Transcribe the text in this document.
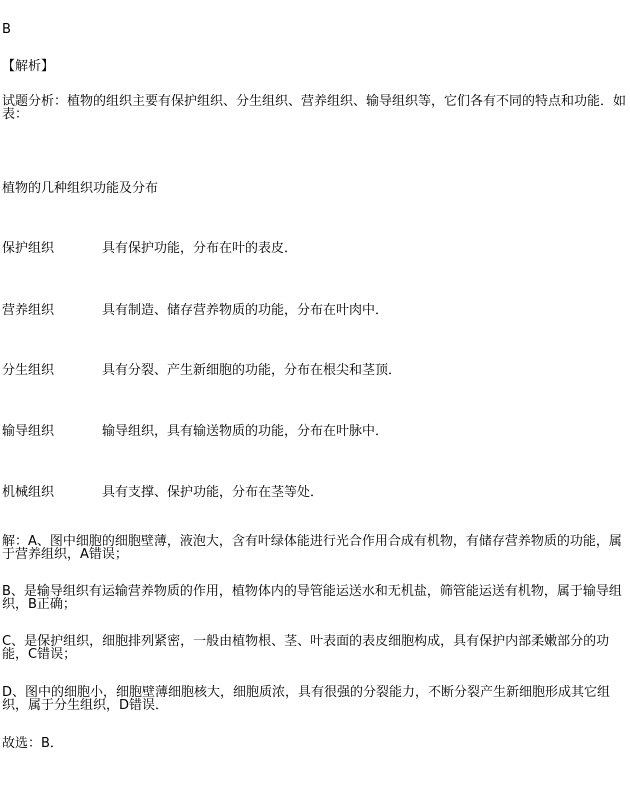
B
【解析】
试题分析：植物的组织主要有保护组织、分生组织、营养组织、输导组织等，它们各有不同的特点和功能．如表：
植物的几种组织功能及分布
保护组织	具有保护功能，分布在叶的表皮．
营养组织	具有制造、储存营养物质的功能，分布在叶肉中．
分生组织	具有分裂、产生新细胞的功能，分布在根尖和茎顶．
输导组织	输导组织，具有输送物质的功能，分布在叶脉中．
机械组织	具有支撑、保护功能，分布在茎等处．
解：A、图中细胞的细胞壁薄，液泡大，含有叶绿体能进行光合作用合成有机物，有储存营养物质的功能，属于营养组织，A错误；
B、是输导组织有运输营养物质的作用，植物体内的导管能运送水和无机盐，筛管能运送有机物，属于输导组织，B正确；
C、是保护组织，细胞排列紧密，一般由植物根、茎、叶表面的表皮细胞构成，具有保护内部柔嫩部分的功能，C错误；
D、图中的细胞小，细胞壁薄细胞核大，细胞质浓，具有很强的分裂能力，不断分裂产生新细胞形成其它组织，属于分生组织，D错误．
故选：B．
